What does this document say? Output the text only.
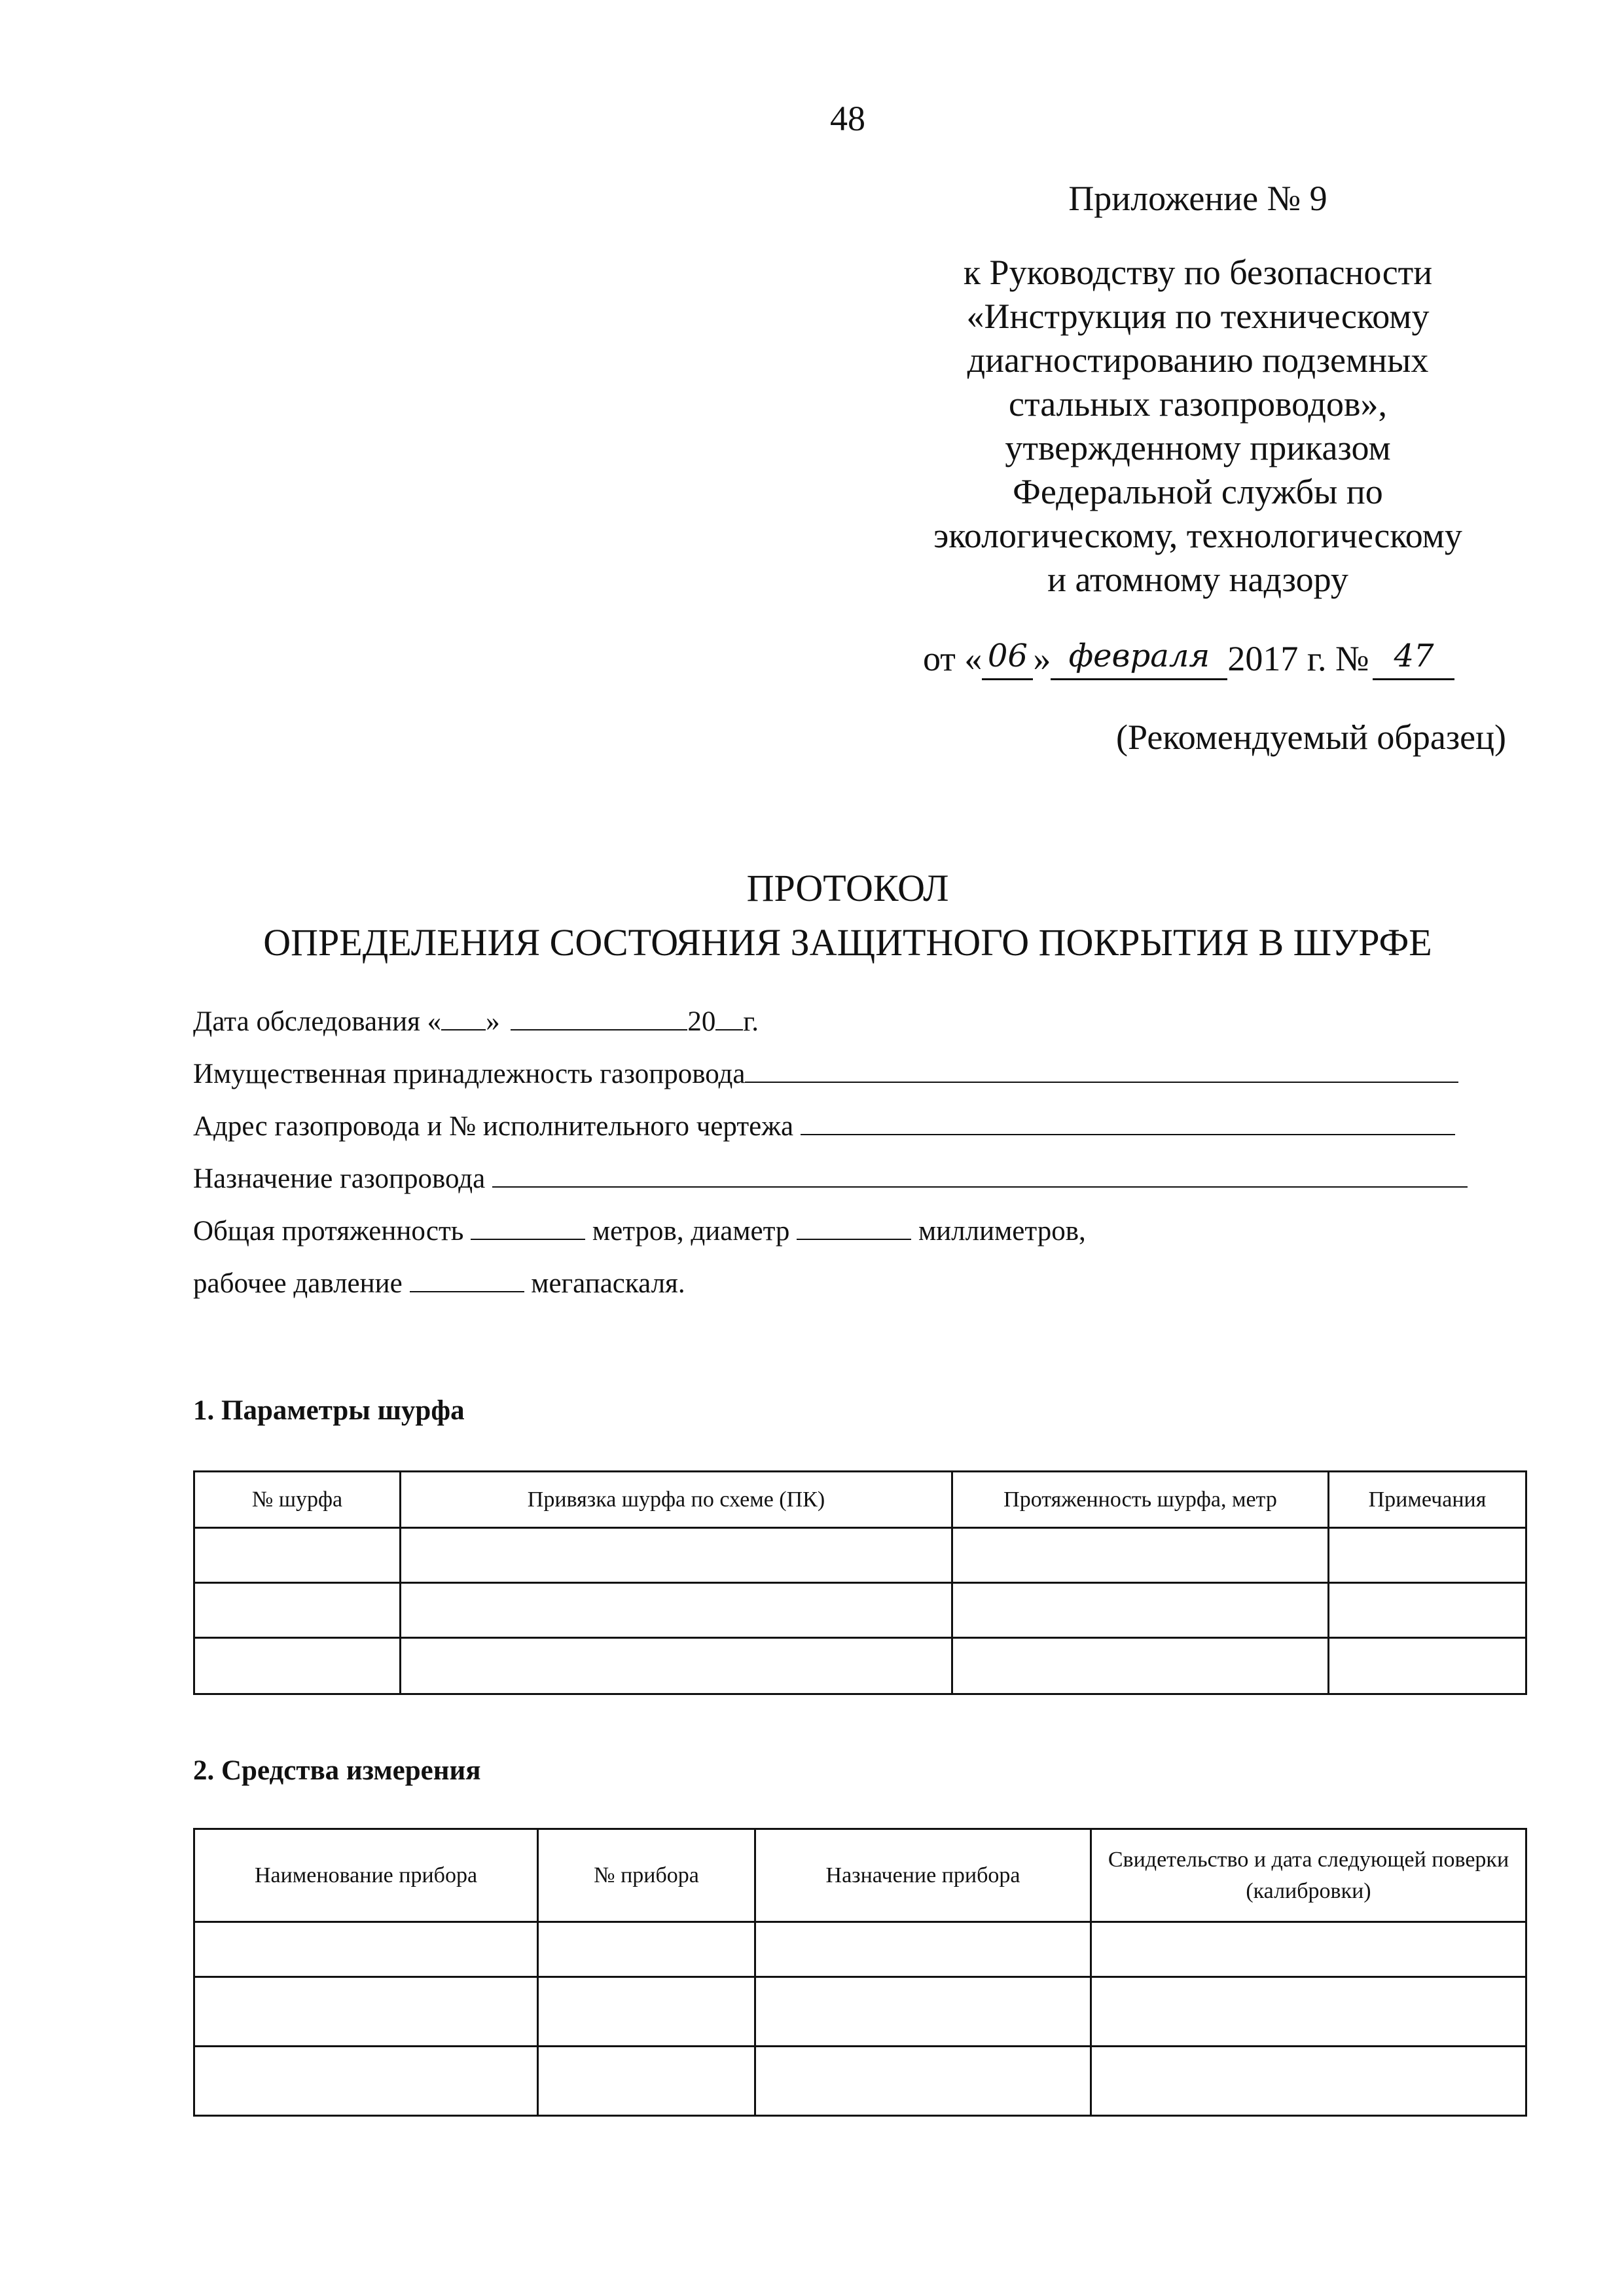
48
Приложение № 9
к Руководству по безопасности
«Инструкция по техническому
диагностированию подземных
стальных газопроводов»,
утвержденному приказом
Федеральной службы по
экологическому, технологическому
и атомному надзору
от « 06 » февраля 2017 г. № 47
(Рекомендуемый образец)
ПРОТОКОЛ
ОПРЕДЕЛЕНИЯ СОСТОЯНИЯ ЗАЩИТНОГО ПОКРЫТИЯ В ШУРФЕ
Дата обследования « »	20 г.
Имущественная принадлежность газопровода
Адрес газопровода и № исполнительного чертежа
Назначение газопровода
Общая протяженность	метров, диаметр	миллиметров,
рабочее давление	мегапаскаля.
1. Параметры шурфа
№ шурфа	Привязка шурфа по схеме (ПК)	Протяженность шурфа, метр	Примечания

2. Средства измерения
Наименование прибора	№ прибора	Назначение прибора	Свидетельство и дата следующей поверки (калибровки)
